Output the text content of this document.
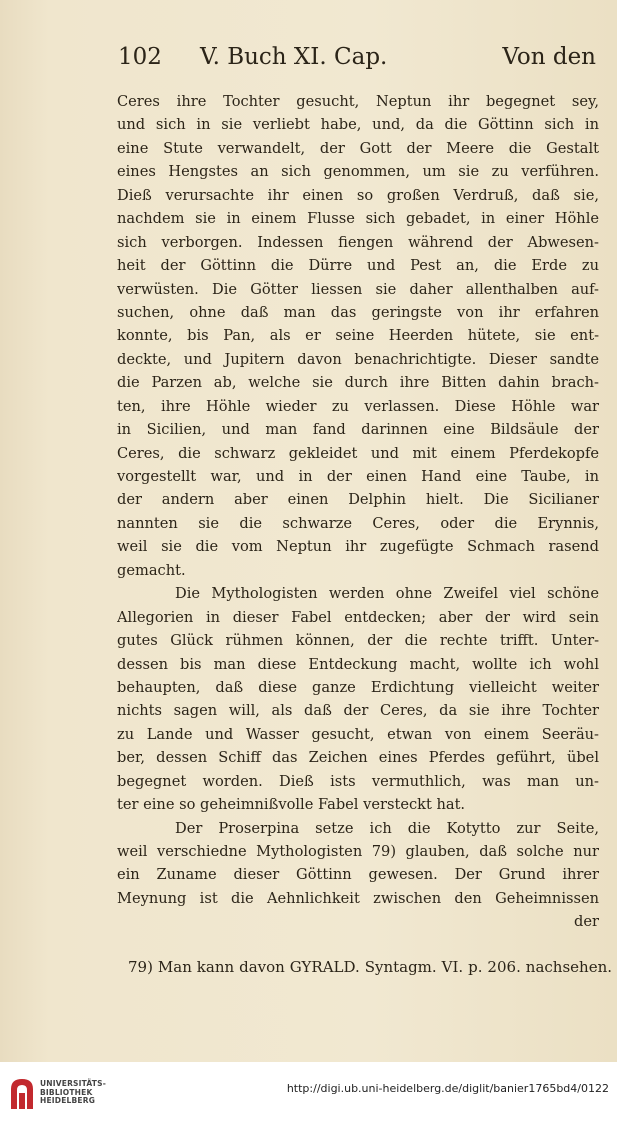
102 V. Buch XI. Cap.	Von den
Ceres ihre Tochter gesucht, Neptun ihr begegnet sey,
und sich in sie verliebt habe, und, da die Göttinn sich in
eine Stute verwandelt, der Gott der Meere die Gestalt
eines Hengstes an sich genommen, um sie zu verführen.
Dieß verursachte ihr einen so großen Verdruß, daß sie,
nachdem sie in einem Flusse sich gebadet, in einer Höhle
sich verborgen. Indessen fiengen während der Abwesen-
heit der Göttinn die Dürre und Pest an, die Erde zu
verwüsten. Die Götter liessen sie daher allenthalben auf-
suchen, ohne daß man das geringste von ihr erfahren
konnte, bis Pan, als er seine Heerden hütete, sie ent-
deckte, und Jupitern davon benachrichtigte. Dieser sandte
die Parzen ab, welche sie durch ihre Bitten dahin brach-
ten, ihre Höhle wieder zu verlassen. Diese Höhle war
in Sicilien, und man fand darinnen eine Bildsäule der
Ceres, die schwarz gekleidet und mit einem Pferdekopfe
vorgestellt war, und in der einen Hand eine Taube, in
der andern aber einen Delphin hielt. Die Sicilianer
nannten sie die schwarze Ceres, oder die Erynnis,
weil sie die vom Neptun ihr zugefügte Schmach rasend
gemacht.
Die Mythologisten werden ohne Zweifel viel schöne
Allegorien in dieser Fabel entdecken; aber der wird sein
gutes Glück rühmen können, der die rechte trifft. Unter-
dessen bis man diese Entdeckung macht, wollte ich wohl
behaupten, daß diese ganze Erdichtung vielleicht weiter
nichts sagen will, als daß der Ceres, da sie ihre Tochter
zu Lande und Wasser gesucht, etwan von einem Seeräu-
ber, dessen Schiff das Zeichen eines Pferdes geführt, übel
begegnet worden. Dieß ists vermuthlich, was man un-
ter eine so geheimnißvolle Fabel versteckt hat.
Der Proserpina setze ich die Kotytto zur Seite,
weil verschiedne Mythologisten 79) glauben, daß solche nur
ein Zuname dieser Göttinn gewesen. Der Grund ihrer
Meynung ist die Aehnlichkeit zwischen den Geheimnissen
der
79) Man kann davon GYRALD. Syntagm. VI. p. 206. nachsehen.
UNIVERSITÄTS-
BIBLIOTHEK
HEIDELBERG
http://digi.ub.uni-heidelberg.de/diglit/banier1765bd4/0122
